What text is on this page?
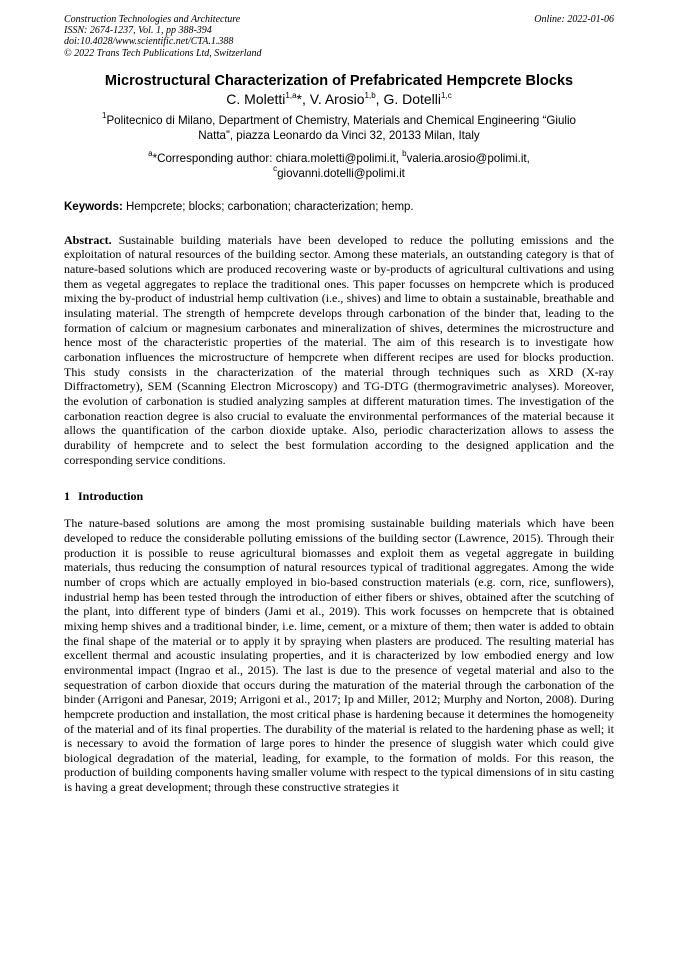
Construction Technologies and Architecture
ISSN: 2674-1237, Vol. 1, pp 388-394
doi:10.4028/www.scientific.net/CTA.1.388
© 2022 Trans Tech Publications Ltd, Switzerland
Online: 2022-01-06
Microstructural Characterization of Prefabricated Hempcrete Blocks
C. Moletti$^{1,a}$*, V. Arosio$^{1,b}$, G. Dotelli$^{1,c}$
$^1$Politecnico di Milano, Department of Chemistry, Materials and Chemical Engineering “Giulio Natta”, piazza Leonardo da Vinci 32, 20133 Milan, Italy
$^a$*Corresponding author: chiara.moletti@polimi.it, $^b$valeria.arosio@polimi.it,
$^c$giovanni.dotelli@polimi.it
Keywords: Hempcrete; blocks; carbonation; characterization; hemp.

Abstract. Sustainable building materials have been developed to reduce the polluting emissions and the exploitation of natural resources of the building sector. Among these materials, an outstanding category is that of nature-based solutions which are produced recovering waste or by-products of agricultural cultivations and using them as vegetal aggregates to replace the traditional ones. This paper focusses on hempcrete which is produced mixing the by-product of industrial hemp cultivation (i.e., shives) and lime to obtain a sustainable, breathable and insulating material. The strength of hempcrete develops through carbonation of the binder that, leading to the formation of calcium or magnesium carbonates and mineralization of shives, determines the microstructure and hence most of the characteristic properties of the material. The aim of this research is to investigate how carbonation influences the microstructure of hempcrete when different recipes are used for blocks production. This study consists in the characterization of the material through techniques such as XRD (X-ray Diffractometry), SEM (Scanning Electron Microscopy) and TG-DTG (thermogravimetric analyses). Moreover, the evolution of carbonation is studied analyzing samples at different maturation times. The investigation of the carbonation reaction degree is also crucial to evaluate the environmental performances of the material because it allows the quantification of the carbon dioxide uptake. Also, periodic characterization allows to assess the durability of hempcrete and to select the best formulation according to the designed application and the corresponding service conditions.

1 Introduction

The nature-based solutions are among the most promising sustainable building materials which have been developed to reduce the considerable polluting emissions of the building sector (Lawrence, 2015). Through their production it is possible to reuse agricultural biomasses and exploit them as vegetal aggregate in building materials, thus reducing the consumption of natural resources typical of traditional aggregates. Among the wide number of crops which are actually employed in bio-based construction materials (e.g. corn, rice, sunflowers), industrial hemp has been tested through the introduction of either fibers or shives, obtained after the scutching of the plant, into different type of binders (Jami et al., 2019). This work focusses on hempcrete that is obtained mixing hemp shives and a traditional binder, i.e. lime, cement, or a mixture of them; then water is added to obtain the final shape of the material or to apply it by spraying when plasters are produced. The resulting material has excellent thermal and acoustic insulating properties, and it is characterized by low embodied energy and low environmental impact (Ingrao et al., 2015). The last is due to the presence of vegetal material and also to the sequestration of carbon dioxide that occurs during the maturation of the material through the carbonation of the binder (Arrigoni and Panesar, 2019; Arrigoni et al., 2017; Ip and Miller, 2012; Murphy and Norton, 2008). During hempcrete production and installation, the most critical phase is hardening because it determines the homogeneity of the material and of its final properties. The durability of the material is related to the hardening phase as well; it is necessary to avoid the formation of large pores to hinder the presence of sluggish water which could give biological degradation of the material, leading, for example, to the formation of molds. For this reason, the production of building components having smaller volume with respect to the typical dimensions of in situ casting is having a great development; through these constructive strategies it
